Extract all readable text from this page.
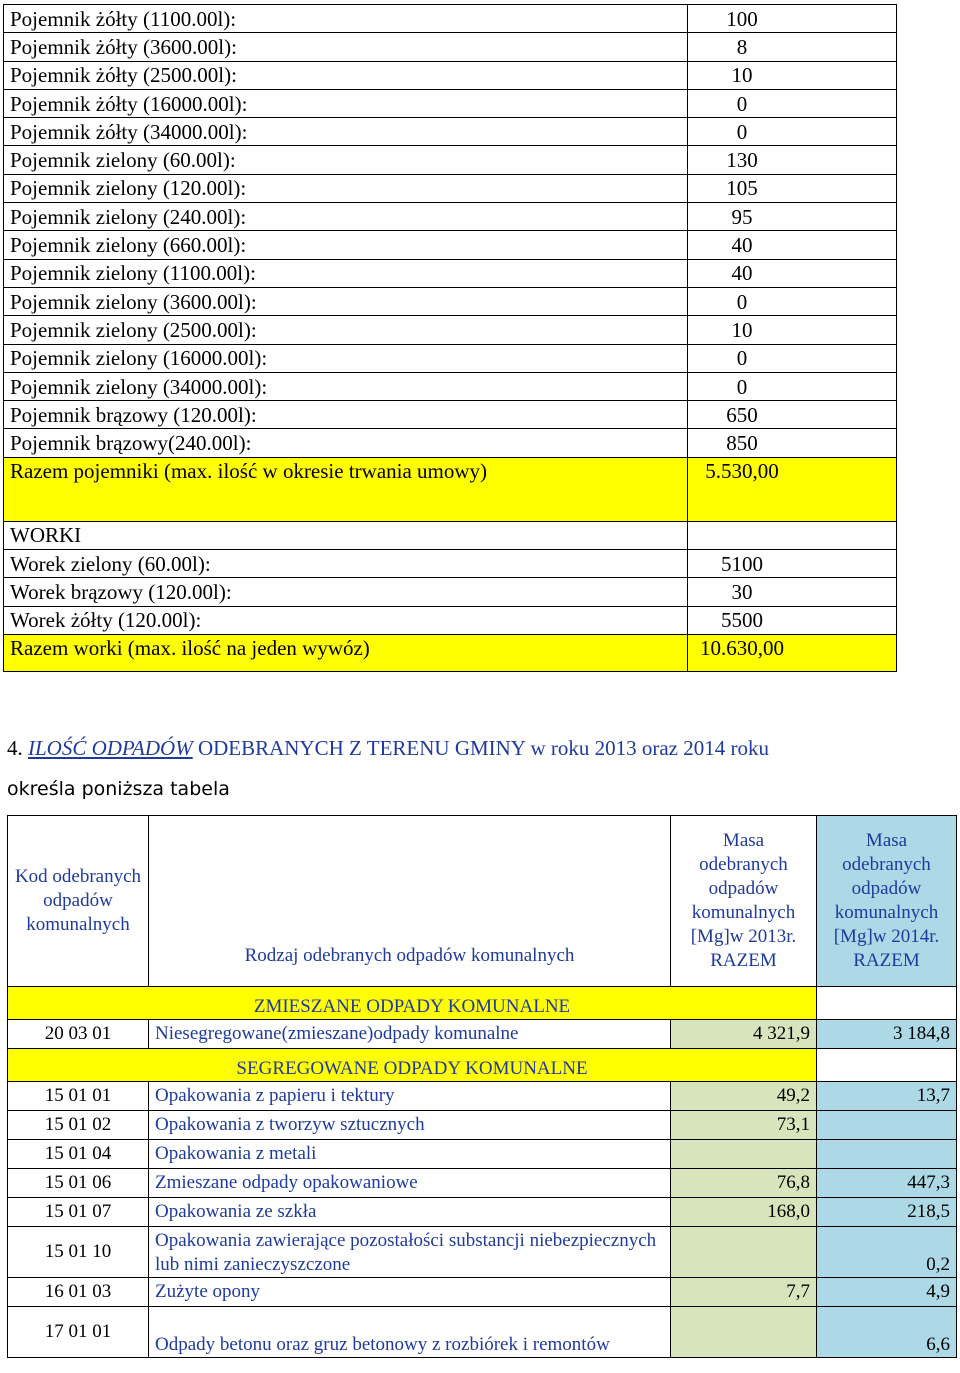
Pojemnik żółty (1100.00l):	100
Pojemnik żółty (3600.00l):	8
Pojemnik żółty (2500.00l):	10
Pojemnik żółty (16000.00l):	0
Pojemnik żółty (34000.00l):	0
Pojemnik zielony (60.00l):	130
Pojemnik zielony (120.00l):	105
Pojemnik zielony (240.00l):	95
Pojemnik zielony (660.00l):	40
Pojemnik zielony (1100.00l):	40
Pojemnik zielony (3600.00l):	0
Pojemnik zielony (2500.00l):	10
Pojemnik zielony (16000.00l):	0
Pojemnik zielony (34000.00l):	0
Pojemnik brązowy (120.00l):	650
Pojemnik brązowy(240.00l):	850
Razem pojemniki (max. ilość w okresie trwania umowy)	5.530,00
WORKI	
Worek zielony (60.00l):	5100
Worek brązowy (120.00l):	30
Worek żółty (120.00l):	5500
Razem worki (max. ilość na jeden wywóz)	10.630,00
4. ILOŚĆ ODPADÓW ODEBRANYCH Z TERENU GMINY w roku 2013 oraz 2014 roku
określa poniższa tabela
Kod odebranych odpadów komunalnych	Rodzaj odebranych odpadów komunalnych	Masa odebranych odpadów komunalnych [Mg]w 2013r. RAZEM	Masa odebranych odpadów komunalnych [Mg]w 2014r. RAZEM
ZMIESZANE ODPADY KOMUNALNE			
20 03 01	Niesegregowane(zmieszane)odpady komunalne	4 321,9	3 184,8
SEGREGOWANE ODPADY KOMUNALNE			
15 01 01	Opakowania z papieru i tektury	49,2	13,7
15 01 02	Opakowania z tworzyw sztucznych	73,1	
15 01 04	Opakowania z metali		
15 01 06	Zmieszane odpady opakowaniowe	76,8	447,3
15 01 07	Opakowania ze szkła	168,0	218,5
15 01 10	Opakowania zawierające pozostałości substancji niebezpiecznych lub nimi zanieczyszczone		0,2
16 01 03	Zużyte opony	7,7	4,9
17 01 01	Odpady betonu oraz gruz betonowy z rozbiórek i remontów		6,6
